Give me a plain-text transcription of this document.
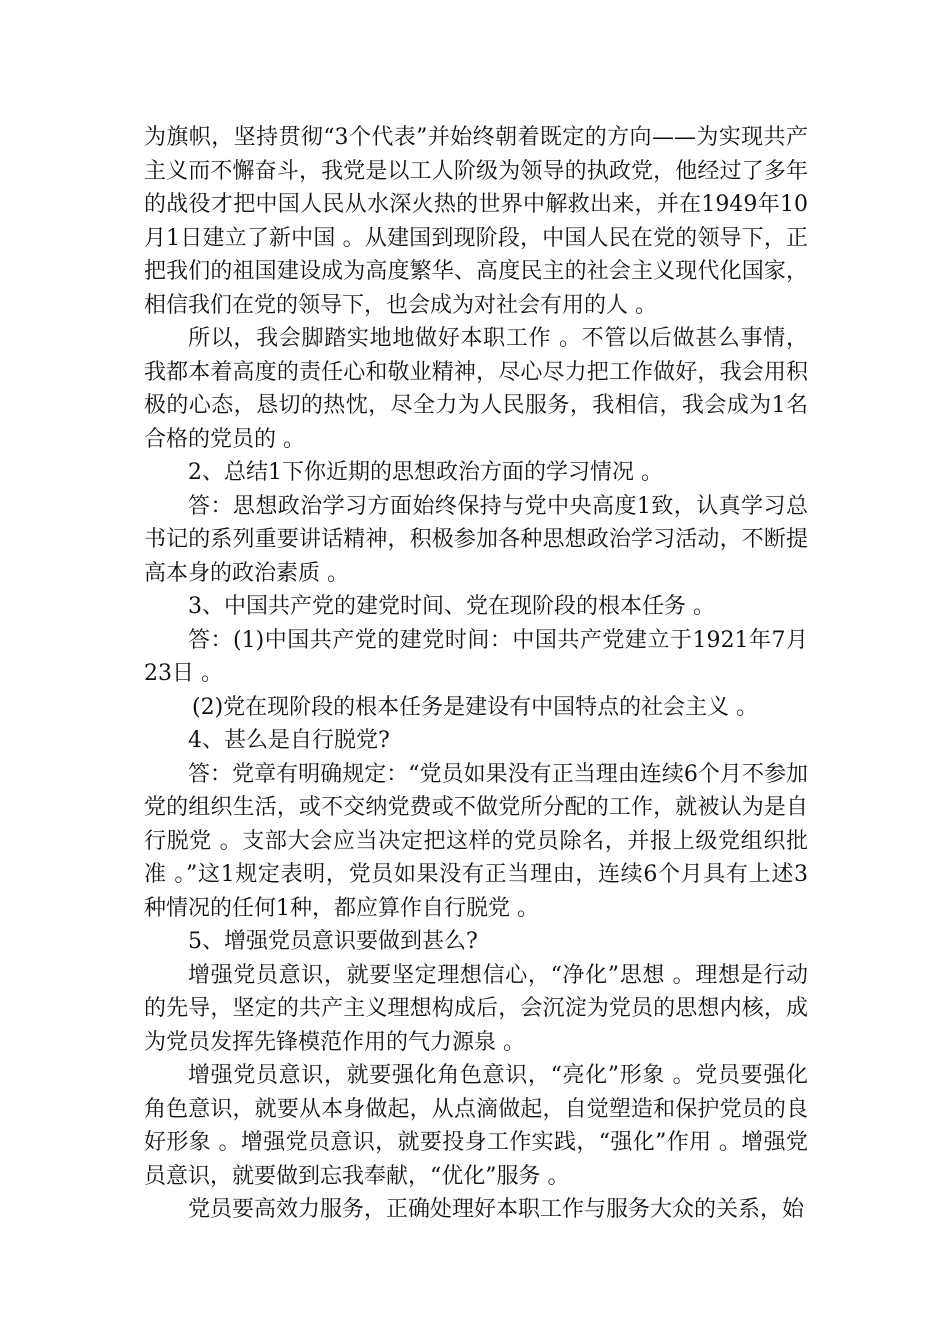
为旗帜，坚持贯彻“3个代表”并始终朝着既定的方向——为实现共产主义而不懈奋斗，我党是以工人阶级为领导的执政党，他经过了多年的战役才把中国人民从水深火热的世界中解救出来，并在1949年10月1日建立了新中国 。从建国到现阶段，中国人民在党的领导下，正把我们的祖国建设成为高度繁华、高度民主的社会主义现代化国家，相信我们在党的领导下，也会成为对社会有用的人 。

所以，我会脚踏实地地做好本职工作 。不管以后做甚么事情，我都本着高度的责任心和敬业精神，尽心尽力把工作做好，我会用积极的心态，恳切的热忱，尽全力为人民服务，我相信，我会成为1名合格的党员的 。

2、总结1下你近期的思想政治方面的学习情况 。

答：思想政治学习方面始终保持与党中央高度1致，认真学习总书记的系列重要讲话精神，积极参加各种思想政治学习活动，不断提高本身的政治素质 。

3、中国共产党的建党时间、党在现阶段的根本任务 。

答：(1)中国共产党的建党时间：中国共产党建立于1921年7月23日 。

(2)党在现阶段的根本任务是建设有中国特点的社会主义 。

4、甚么是自行脱党?

答：党章有明确规定：“党员如果没有正当理由连续6个月不参加党的组织生活，或不交纳党费或不做党所分配的工作，就被认为是自行脱党 。支部大会应当决定把这样的党员除名，并报上级党组织批准 。”这1规定表明，党员如果没有正当理由，连续6个月具有上述3种情况的任何1种，都应算作自行脱党 。

5、增强党员意识要做到甚么?

增强党员意识，就要坚定理想信心，“净化”思想 。理想是行动的先导，坚定的共产主义理想构成后，会沉淀为党员的思想内核，成为党员发挥先锋模范作用的气力源泉 。

增强党员意识，就要强化角色意识，“亮化”形象 。党员要强化角色意识，就要从本身做起，从点滴做起，自觉塑造和保护党员的良好形象 。增强党员意识，就要投身工作实践，“强化”作用 。增强党员意识，就要做到忘我奉献，“优化”服务 。

党员要高效力服务，正确处理好本职工作与服务大众的关系，始
